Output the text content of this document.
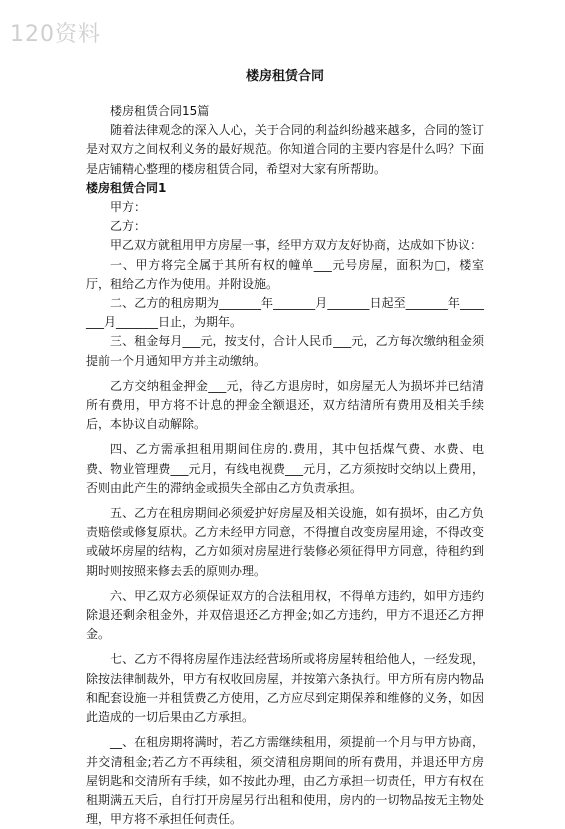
120资料
楼房租赁合同

楼房租赁合同15篇

随着法律观念的深入人心，关于合同的利益纠纷越来越多，合同的签订是对双方之间权利义务的最好规范。你知道合同的主要内容是什么吗？下面是店铺精心整理的楼房租赁合同，希望对大家有所帮助。

楼房租赁合同1

甲方：

乙方：

甲乙双方就租用甲方房屋一事，经甲方双方友好协商，达成如下协议：

一、甲方将完全属于其所有权的幢单___元号房屋，面积为□，楼室厅，租给乙方作为使用。并附设施。

二、乙方的租房期为_______年_______月_______日起至_______年_______月_______日止，为期年。

三、租金每月___元，按支付，合计人民币___元，乙方每次缴纳租金须提前一个月通知甲方并主动缴纳。

乙方交纳租金押金___元，待乙方退房时，如房屋无人为损坏并已结清所有费用，甲方将不计息的押金全额退还，双方结清所有费用及相关手续后，本协议自动解除。

四、乙方需承担租用期间住房的.费用，其中包括煤气费、水费、电费、物业管理费___元月，有线电视费___元月，乙方须按时交纳以上费用，否则由此产生的滞纳金或损失全部由乙方负责承担。

五、乙方在租房期间必须爱护好房屋及相关设施，如有损坏，由乙方负责赔偿或修复原状。乙方未经甲方同意，不得擅自改变房屋用途，不得改变或破坏房屋的结构，乙方如须对房屋进行装修必须征得甲方同意，待租约到期时则按照来修去丢的原则办理。

六、甲乙双方必须保证双方的合法租用权，不得单方违约，如甲方违约除退还剩余租金外，并双倍退还乙方押金;如乙方违约，甲方不退还乙方押金。

七、乙方不得将房屋作违法经营场所或将房屋转租给他人，一经发现，除按法律制裁外，甲方有权收回房屋，并按第六条执行。甲方所有房内物品和配套设施一并租赁费乙方使用，乙方应尽到定期保养和维修的义务，如因此造成的一切后果由乙方承担。

__、在租房期将满时，若乙方需继续租用，须提前一个月与甲方协商，并交清租金;若乙方不再续租，须交清租房期间的所有费用，并退还甲方房屋钥匙和交清所有手续，如不按此办理，由乙方承担一切责任，甲方有权在租期满五天后，自行打开房屋另行出租和使用，房内的一切物品按无主物处理，甲方将不承担任何责任。
